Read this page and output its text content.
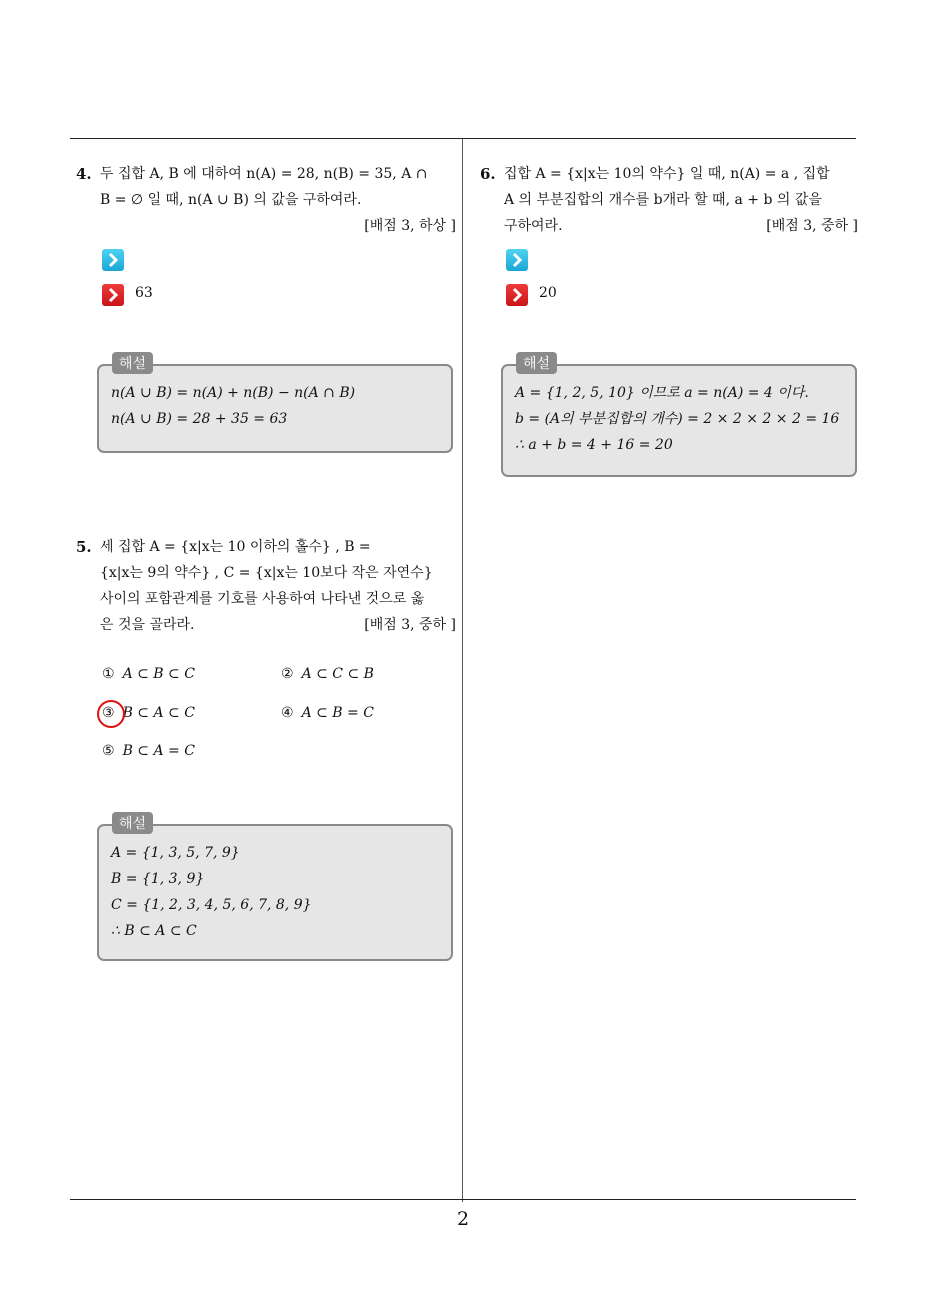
2
4. 두 집합 A, B 에 대하여 n(A) = 28, n(B) = 35, A ∩
B = ∅ 일 때, n(A ∪ B) 의 값을 구하여라.
[배점 3, 하상 ]
63
n(A ∪ B) = n(A) + n(B) − n(A ∩ B)
n(A ∪ B) = 28 + 35 = 63
해설
5. 세 집합 A = {x|x는 10 이하의 홀수} , B =
{x|x는 9의 약수} , C = {x|x는 10보다 작은 자연수}
사이의 포함관계를 기호를 사용하여 나타낸 것으로 옳
은 것을 골라라.	[배점 3, 중하 ]
① A ⊂ B ⊂ C	② A ⊂ C ⊂ B
③ B ⊂ A ⊂ C	④ A ⊂ B = C
⑤ B ⊂ A = C
A = {1, 3, 5, 7, 9}
B = {1, 3, 9}
C = {1, 2, 3, 4, 5, 6, 7, 8, 9}
∴ B ⊂ A ⊂ C
해설
6. 집합 A = {x|x는 10의 약수} 일 때, n(A) = a , 집합
A 의 부분집합의 개수를 b개라 할 때, a + b 의 값을
구하여라.	[배점 3, 중하 ]
20
A = {1, 2, 5, 10} 이므로 a = n(A) = 4 이다.
b = (A의 부분집합의 개수) = 2 × 2 × 2 × 2 = 16
∴ a + b = 4 + 16 = 20
해설
